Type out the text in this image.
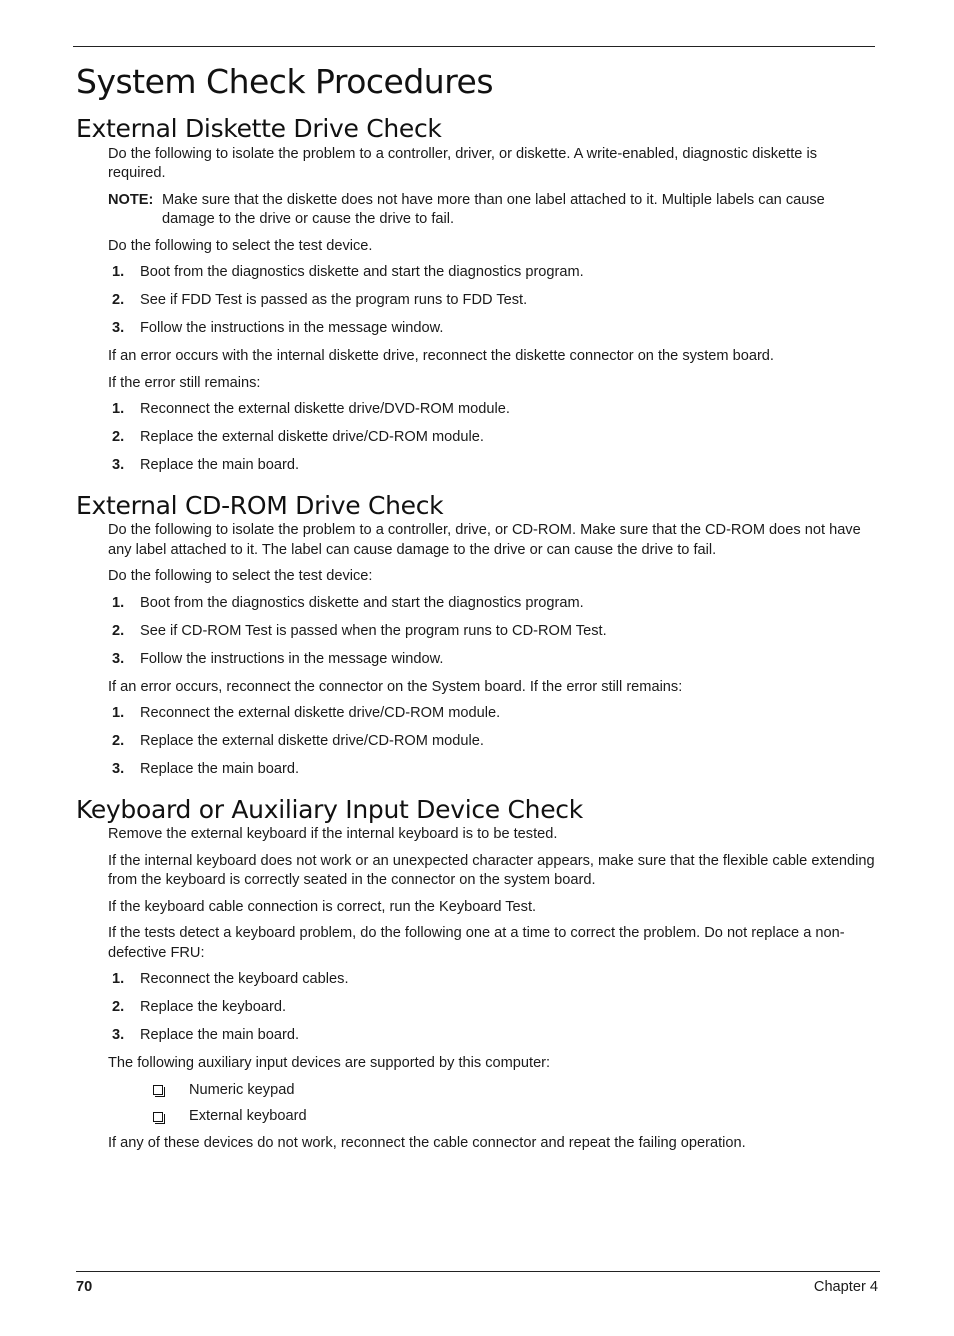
System Check Procedures
External Diskette Drive Check

Do the following to isolate the problem to a controller, driver, or diskette. A write-enabled, diagnostic diskette is required.

NOTE: Make sure that the diskette does not have more than one label attached to it. Multiple labels can cause damage to the drive or cause the drive to fail.

Do the following to select the test device.

1.	Boot from the diagnostics diskette and start the diagnostics program.
2.	See if FDD Test is passed as the program runs to FDD Test.
3.	Follow the instructions in the message window.

If an error occurs with the internal diskette drive, reconnect the diskette connector on the system board.

If the error still remains:

1.	Reconnect the external diskette drive/DVD-ROM module.
2.	Replace the external diskette drive/CD-ROM module.
3.	Replace the main board.
External CD-ROM Drive Check

Do the following to isolate the problem to a controller, drive, or CD-ROM. Make sure that the CD-ROM does not have any label attached to it. The label can cause damage to the drive or can cause the drive to fail.

Do the following to select the test device:

1.	Boot from the diagnostics diskette and start the diagnostics program.
2.	See if CD-ROM Test is passed when the program runs to CD-ROM Test.
3.	Follow the instructions in the message window.

If an error occurs, reconnect the connector on the System board. If the error still remains:

1.	Reconnect the external diskette drive/CD-ROM module.
2.	Replace the external diskette drive/CD-ROM module.
3.	Replace the main board.
Keyboard or Auxiliary Input Device Check

Remove the external keyboard if the internal keyboard is to be tested.

If the internal keyboard does not work or an unexpected character appears, make sure that the flexible cable extending from the keyboard is correctly seated in the connector on the system board.

If the keyboard cable connection is correct, run the Keyboard Test.

If the tests detect a keyboard problem, do the following one at a time to correct the problem. Do not replace a non-defective FRU:

1.	Reconnect the keyboard cables.
2.	Replace the keyboard.
3.	Replace the main board.

The following auxiliary input devices are supported by this computer:

Numeric keypad
External keyboard

If any of these devices do not work, reconnect the cable connector and repeat the failing operation.

70	Chapter 4
